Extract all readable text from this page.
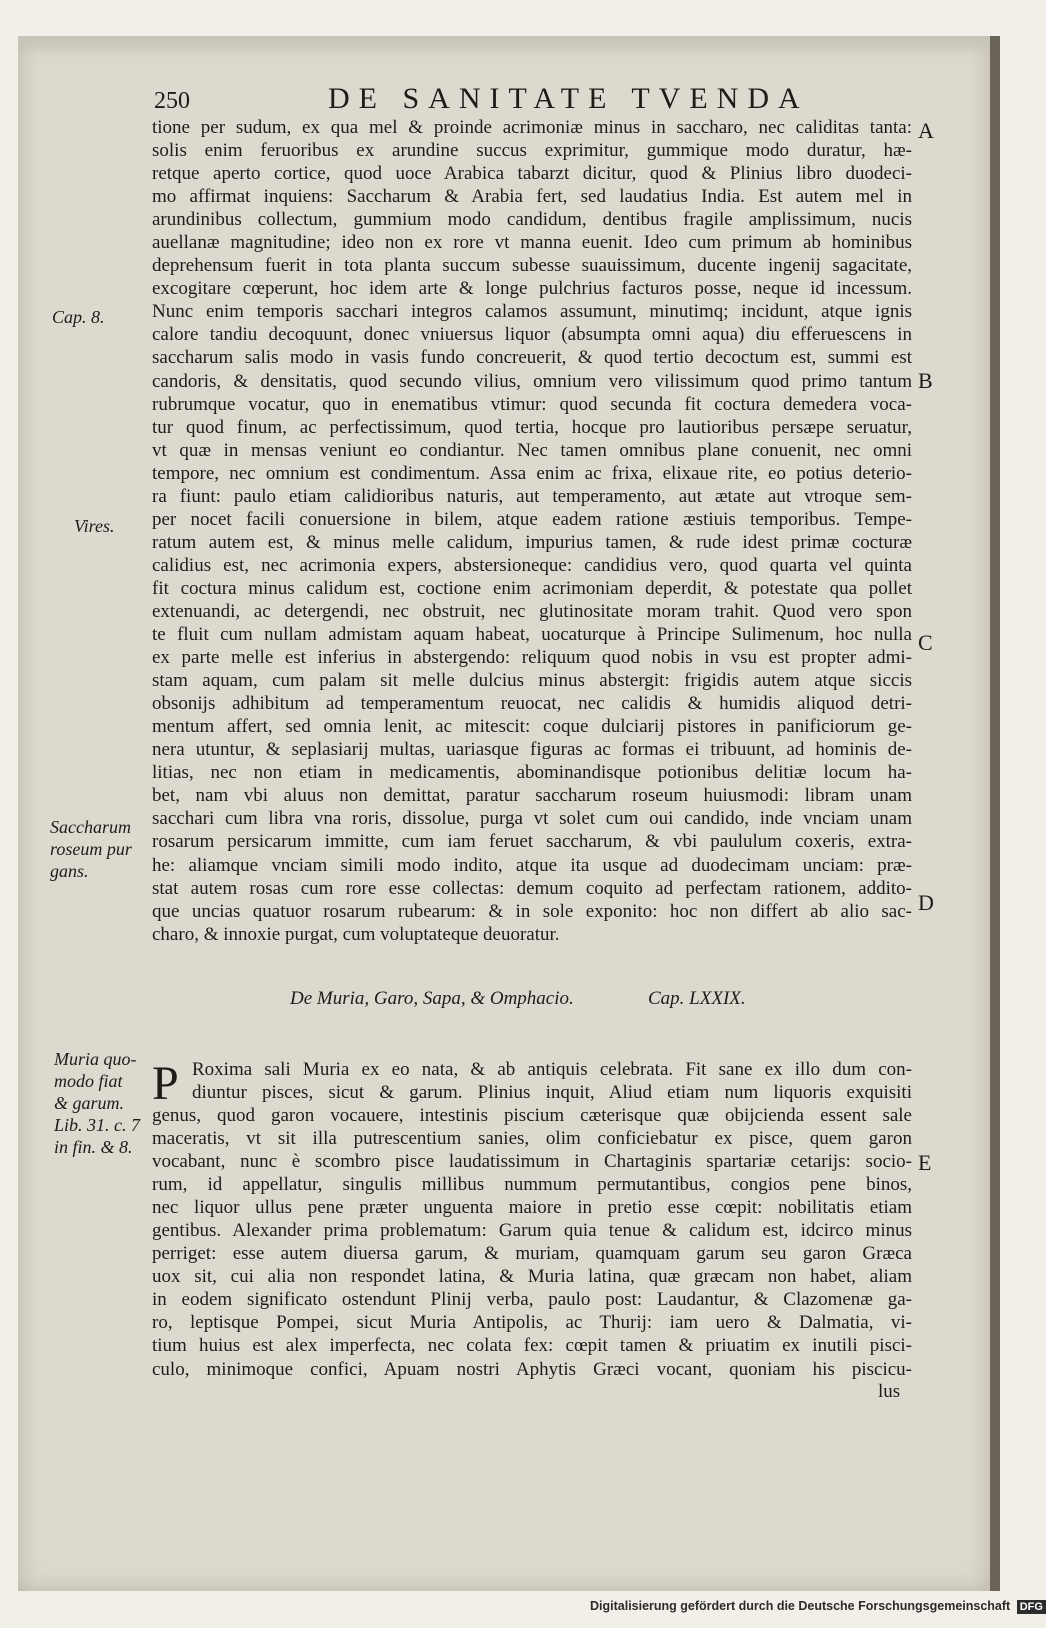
250	DE SANITATE TVENDA
A
B
C
D
E
Cap. 8.
Vires.
Saccharum
roseum pur
gans.
Muria quo-
modo fiat
& garum.
Lib. 31. c. 7
in fin. & 8.
tione per sudum, ex qua mel & proinde acrimoniæ minus in saccharo, nec caliditas tanta:
solis enim feruoribus ex arundine succus exprimitur, gummique modo duratur, hæ-
retque aperto cortice, quod uoce Arabica tabarzt dicitur, quod & Plinius libro duodeci-
mo affirmat inquiens: Saccharum & Arabia fert, sed laudatius India. Est autem mel in
arundinibus collectum, gummium modo candidum, dentibus fragile amplissimum, nucis
auellanæ magnitudine; ideo non ex rore vt manna euenit. Ideo cum primum ab hominibus
deprehensum fuerit in tota planta succum subesse suauissimum, ducente ingenij sagacitate,
excogitare cœperunt, hoc idem arte & longe pulchrius facturos posse, neque id incessum.
Nunc enim temporis sacchari integros calamos assumunt, minutimq; incidunt, atque ignis
calore tandiu decoquunt, donec vniuersus liquor (absumpta omni aqua) diu efferuescens in
saccharum salis modo in vasis fundo concreuerit, & quod tertio decoctum est, summi est
candoris, & densitatis, quod secundo vilius, omnium vero vilissimum quod primo tantum
rubrumque vocatur, quo in enematibus vtimur: quod secunda fit coctura demedera voca-
tur quod finum, ac perfectissimum, quod tertia, hocque pro lautioribus persæpe seruatur,
vt quæ in mensas veniunt eo condiantur. Nec tamen omnibus plane conuenit, nec omni
tempore, nec omnium est condimentum. Assa enim ac frixa, elixaue rite, eo potius deterio-
ra fiunt: paulo etiam calidioribus naturis, aut temperamento, aut ætate aut vtroque sem-
per nocet facili conuersione in bilem, atque eadem ratione æstiuis temporibus. Tempe-
ratum autem est, & minus melle calidum, impurius tamen, & rude idest primæ cocturæ
calidius est, nec acrimonia expers, abstersioneque: candidius vero, quod quarta vel quinta
fit coctura minus calidum est, coctione enim acrimoniam deperdit, & potestate qua pollet
extenuandi, ac detergendi, nec obstruit, nec glutinositate moram trahit. Quod vero spon
te fluit cum nullam admistam aquam habeat, uocaturque à Principe Sulimenum, hoc nulla
ex parte melle est inferius in abstergendo: reliquum quod nobis in vsu est propter admi-
stam aquam, cum palam sit melle dulcius minus abstergit: frigidis autem atque siccis
obsonijs adhibitum ad temperamentum reuocat, nec calidis & humidis aliquod detri-
mentum affert, sed omnia lenit, ac mitescit: coque dulciarij pistores in panificiorum ge-
nera utuntur, & seplasiarij multas, uariasque figuras ac formas ei tribuunt, ad hominis de-
litias, nec non etiam in medicamentis, abominandisque potionibus delitiæ locum ha-
bet, nam vbi aluus non demittat, paratur saccharum roseum huiusmodi: libram unam
sacchari cum libra vna roris, dissolue, purga vt solet cum oui candido, inde vnciam unam
rosarum persicarum immitte, cum iam feruet saccharum, & vbi paululum coxeris, extra-
he: aliamque vnciam simili modo indito, atque ita usque ad duodecimam unciam: præ-
stat autem rosas cum rore esse collectas: demum coquito ad perfectam rationem, addito-
que uncias quatuor rosarum rubearum: & in sole exponito: hoc non differt ab alio sac-
charo, & innoxie purgat, cum voluptateque deuoratur.
De Muria, Garo, Sapa, & Omphacio.	Cap. LXXIX.
P Roxima sali Muria ex eo nata, & ab antiquis celebrata. Fit sane ex illo dum con-
diuntur pisces, sicut & garum. Plinius inquit, Aliud etiam num liquoris exquisiti
genus, quod garon vocauere, intestinis piscium cæterisque quæ obijcienda essent sale
maceratis, vt sit illa putrescentium sanies, olim conficiebatur ex pisce, quem garon
vocabant, nunc è scombro pisce laudatissimum in Chartaginis spartariæ cetarijs: socio-
rum, id appellatur, singulis millibus nummum permutantibus, congios pene binos,
nec liquor ullus pene præter unguenta maiore in pretio esse cœpit: nobilitatis etiam
gentibus. Alexander prima problematum: Garum quia tenue & calidum est, idcirco minus
perriget: esse autem diuersa garum, & muriam, quamquam garum seu garon Græca
uox sit, cui alia non respondet latina, & Muria latina, quæ græcam non habet, aliam
in eodem significato ostendunt Plinij verba, paulo post: Laudantur, & Clazomenæ ga-
ro, leptisque Pompei, sicut Muria Antipolis, ac Thurij: iam uero & Dalmatia, vi-
tium huius est alex imperfecta, nec colata fex: cœpit tamen & priuatim ex inutili pisci-
culo, minimoque confici, Apuam nostri Aphytis Græci vocant, quoniam his piscicu-
lus
Digitalisierung gefördert durch die Deutsche Forschungsgemeinschaft DFG
